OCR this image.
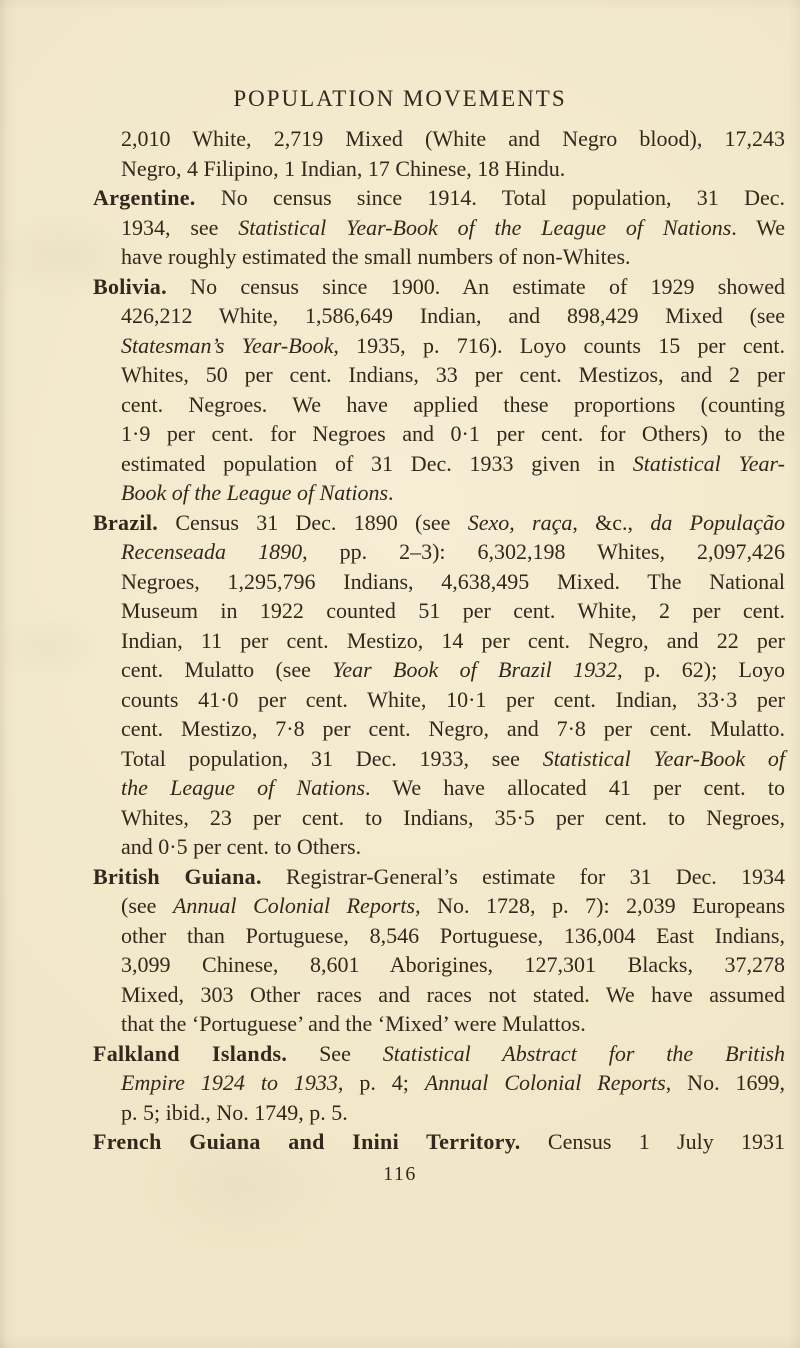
POPULATION MOVEMENTS
2,010 White, 2,719 Mixed (White and Negro blood), 17,243
Negro, 4 Filipino, 1 Indian, 17 Chinese, 18 Hindu.
Argentine. No census since 1914. Total population, 31 Dec.
1934, see Statistical Year-Book of the League of Nations. We
have roughly estimated the small numbers of non-Whites.
Bolivia. No census since 1900. An estimate of 1929 showed
426,212 White, 1,586,649 Indian, and 898,429 Mixed (see
Statesman’s Year-Book, 1935, p. 716). Loyo counts 15 per cent.
Whites, 50 per cent. Indians, 33 per cent. Mestizos, and 2 per
cent. Negroes. We have applied these proportions (counting
1·9 per cent. for Negroes and 0·1 per cent. for Others) to the
estimated population of 31 Dec. 1933 given in Statistical Year-
Book of the League of Nations.
Brazil. Census 31 Dec. 1890 (see Sexo, raça, &c., da População
Recenseada 1890, pp. 2–3): 6,302,198 Whites, 2,097,426
Negroes, 1,295,796 Indians, 4,638,495 Mixed. The National
Museum in 1922 counted 51 per cent. White, 2 per cent.
Indian, 11 per cent. Mestizo, 14 per cent. Negro, and 22 per
cent. Mulatto (see Year Book of Brazil 1932, p. 62); Loyo
counts 41·0 per cent. White, 10·1 per cent. Indian, 33·3 per
cent. Mestizo, 7·8 per cent. Negro, and 7·8 per cent. Mulatto.
Total population, 31 Dec. 1933, see Statistical Year-Book of
the League of Nations. We have allocated 41 per cent. to
Whites, 23 per cent. to Indians, 35·5 per cent. to Negroes,
and 0·5 per cent. to Others.
British Guiana. Registrar-General’s estimate for 31 Dec. 1934
(see Annual Colonial Reports, No. 1728, p. 7): 2,039 Europeans
other than Portuguese, 8,546 Portuguese, 136,004 East Indians,
3,099 Chinese, 8,601 Aborigines, 127,301 Blacks, 37,278
Mixed, 303 Other races and races not stated. We have assumed
that the ‘Portuguese’ and the ‘Mixed’ were Mulattos.
Falkland Islands. See Statistical Abstract for the British
Empire 1924 to 1933, p. 4; Annual Colonial Reports, No. 1699,
p. 5; ibid., No. 1749, p. 5.
French Guiana and Inini Territory. Census 1 July 1931
116
